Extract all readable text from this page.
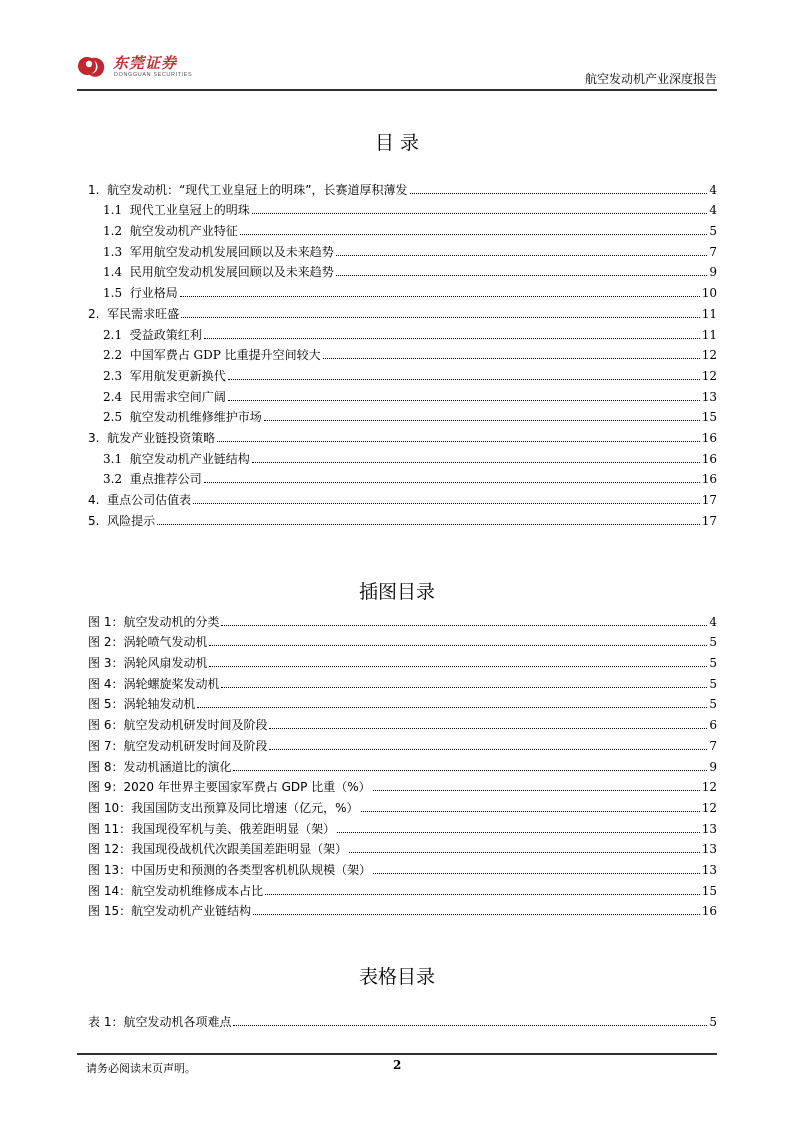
东莞证券
DONGGUAN SECURITIES	航空发动机产业深度报告
目 录
1. 航空发动机：“现代工业皇冠上的明珠”，长赛道厚积薄发	4
1.1 现代工业皇冠上的明珠	4
1.2 航空发动机产业特征	5
1.3 军用航空发动机发展回顾以及未来趋势	7
1.4 民用航空发动机发展回顾以及未来趋势	9
1.5 行业格局	10
2. 军民需求旺盛	11
2.1 受益政策红利	11
2.2 中国军费占 GDP 比重提升空间较大	12
2.3 军用航发更新换代	12
2.4 民用需求空间广阔	13
2.5 航空发动机维修维护市场	15
3. 航发产业链投资策略	16
3.1 航空发动机产业链结构	16
3.2 重点推荐公司	16
4. 重点公司估值表	17
5. 风险提示	17
插图目录
图 1： 航空发动机的分类	4
图 2： 涡轮喷气发动机	5
图 3： 涡轮风扇发动机	5
图 4： 涡轮螺旋桨发动机	5
图 5： 涡轮轴发动机	5
图 6： 航空发动机研发时间及阶段	6
图 7： 航空发动机研发时间及阶段	7
图 8： 发动机涵道比的演化	9
图 9： 2020 年世界主要国家军费占 GDP 比重（%）	12
图 10： 我国国防支出预算及同比增速（亿元，%）	12
图 11： 我国现役军机与美、俄差距明显（架）	13
图 12： 我国现役战机代次跟美国差距明显（架）	13
图 13： 中国历史和预测的各类型客机机队规模（架）	13
图 14： 航空发动机维修成本占比	15
图 15： 航空发动机产业链结构	16
表格目录
表 1： 航空发动机各项难点	5
请务必阅读末页声明。	2
